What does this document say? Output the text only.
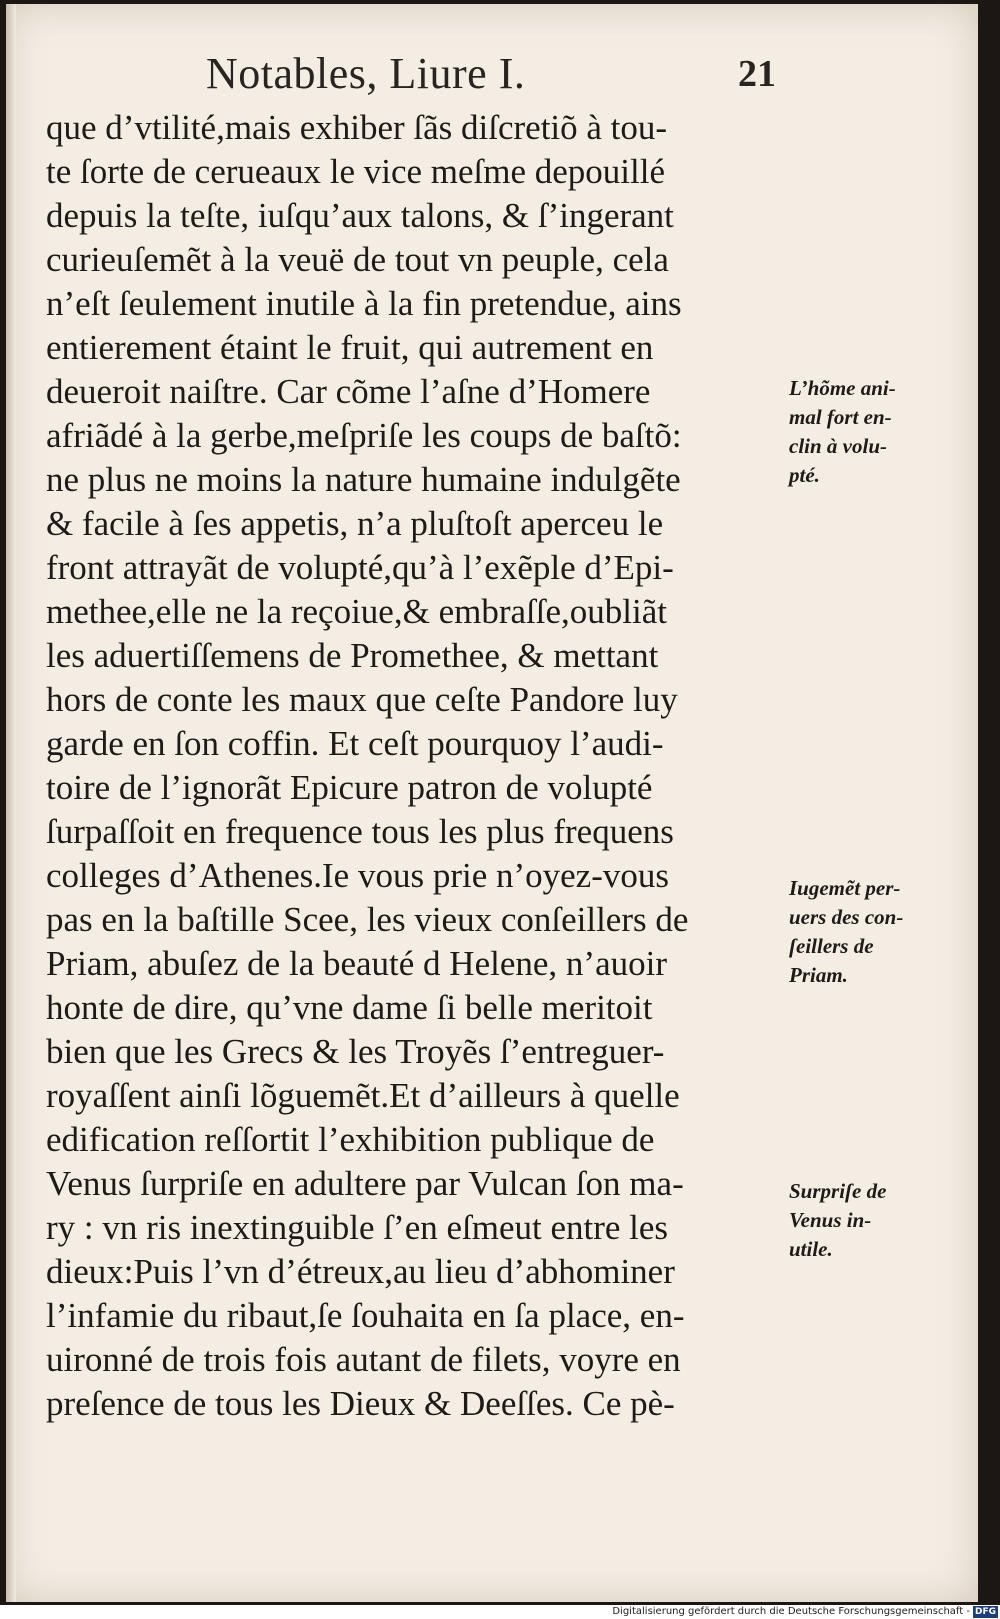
Notables, Liure I.	21
que d’vtilité,mais exhiber ſãs diſcretiõ à tou-
te ſorte de cerueaux le vice meſme depouillé
depuis la teſte, iuſqu’aux talons, & ſ’ingerant
curieuſemẽt à la veuë de tout vn peuple, cela
n’eſt ſeulement inutile à la fin pretendue, ains
entierement étaint le fruit, qui autrement en
deueroit naiſtre. Car cõme l’aſne d’Homere
afriãdé à la gerbe,meſpriſe les coups de baſtõ:
ne plus ne moins la nature humaine indulgẽte
& facile à ſes appetis, n’a pluſtoſt aperceu le
front attrayãt de volupté,qu’à l’exẽple d’Epi-
methee,elle ne la reçoiue,& embraſſe,oubliãt
les aduertiſſemens de Promethee, & mettant
hors de conte les maux que ceſte Pandore luy
garde en ſon coffin. Et ceſt pourquoy l’audi-
toire de l’ignorãt Epicure patron de volupté
ſurpaſſoit en frequence tous les plus frequens
colleges d’Athenes.Ie vous prie n’oyez-vous
pas en la baſtille Scee, les vieux conſeillers de
Priam, abuſez de la beauté d Helene, n’auoir
honte de dire, qu’vne dame ſi belle meritoit
bien que les Grecs & les Troyẽs ſ’entreguer-
royaſſent ainſi lõguemẽt.Et d’ailleurs à quelle
edification reſſortit l’exhibition publique de
Venus ſurpriſe en adultere par Vulcan ſon ma-
ry : vn ris inextinguible ſ’en eſmeut entre les
dieux:Puis l’vn d’étreux,au lieu d’abhominer
l’infamie du ribaut,ſe ſouhaita en ſa place, en-
uironné de trois fois autant de filets, voyre en
preſence de tous les Dieux & Deeſſes. Ce pè-
L’hõme ani-
mal fort en-
clin à volu-
pté.
Iugemẽt per-
uers des con-
ſeillers de
Priam.
Surpriſe de
Venus in-
utile.
Digitalisierung gefördert durch die Deutsche Forschungsgemeinschaft - DFG
